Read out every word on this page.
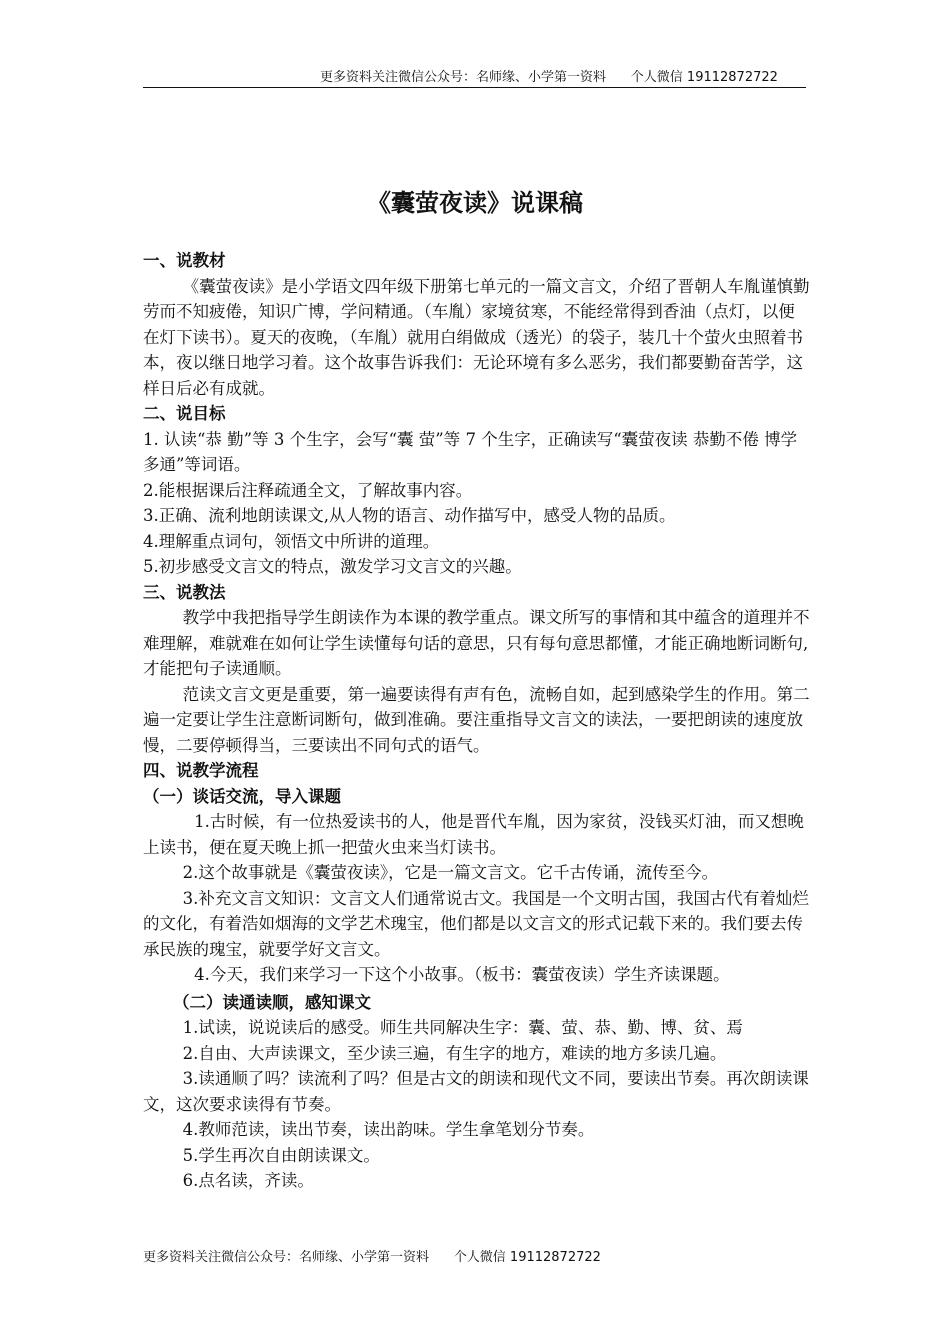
更多资料关注微信公众号：名师缘、小学第一资料      个人微信 19112872722
《囊萤夜读》说课稿

一、说教材

《囊萤夜读》是小学语文四年级下册第七单元的一篇文言文，介绍了晋朝人车胤谨慎勤劳而不知疲倦，知识广博，学问精通。（车胤）家境贫寒，不能经常得到香油（点灯，以便在灯下读书）。夏天的夜晚，（车胤）就用白绢做成（透光）的袋子，装几十个萤火虫照着书本，夜以继日地学习着。这个故事告诉我们：无论环境有多么恶劣，我们都要勤奋苦学，这样日后必有成就。

二、说目标

1. 认读“恭 勤”等 3 个生字，会写“囊 萤”等 7 个生字，正确读写“囊萤夜读 恭勤不倦 博学多通”等词语。

2.能根据课后注释疏通全文，了解故事内容。

3.正确、流利地朗读课文,从人物的语言、动作描写中，感受人物的品质。

4.理解重点词句，领悟文中所讲的道理。

5.初步感受文言文的特点，激发学习文言文的兴趣。

三、说教法

教学中我把指导学生朗读作为本课的教学重点。课文所写的事情和其中蕴含的道理并不难理解，难就难在如何让学生读懂每句话的意思，只有每句意思都懂，才能正确地断词断句,才能把句子读通顺。

范读文言文更是重要，第一遍要读得有声有色，流畅自如，起到感染学生的作用。第二遍一定要让学生注意断词断句，做到准确。要注重指导文言文的读法，一要把朗读的速度放慢，二要停顿得当，三要读出不同句式的语气。

四、说教学流程

（一）谈话交流，导入课题

1.古时候，有一位热爱读书的人，他是晋代车胤，因为家贫，没钱买灯油，而又想晚上读书，便在夏天晚上抓一把萤火虫来当灯读书。

2.这个故事就是《囊萤夜读》，它是一篇文言文。它千古传诵，流传至今。

3.补充文言文知识：文言文人们通常说古文。我国是一个文明古国，我国古代有着灿烂的文化，有着浩如烟海的文学艺术瑰宝，他们都是以文言文的形式记载下来的。我们要去传承民族的瑰宝，就要学好文言文。

4.今天，我们来学习一下这个小故事。（板书：囊萤夜读）学生齐读课题。

（二）读通读顺，感知课文

1.试读，说说读后的感受。师生共同解决生字：囊、萤、恭、勤、博、贫、焉

2.自由、大声读课文，至少读三遍，有生字的地方，难读的地方多读几遍。

3.读通顺了吗？读流利了吗？但是古文的朗读和现代文不同，要读出节奏。再次朗读课文，这次要求读得有节奏。

4.教师范读，读出节奏，读出韵味。学生拿笔划分节奏。

5.学生再次自由朗读课文。

6.点名读，齐读。

更多资料关注微信公众号：名师缘、小学第一资料      个人微信 19112872722
